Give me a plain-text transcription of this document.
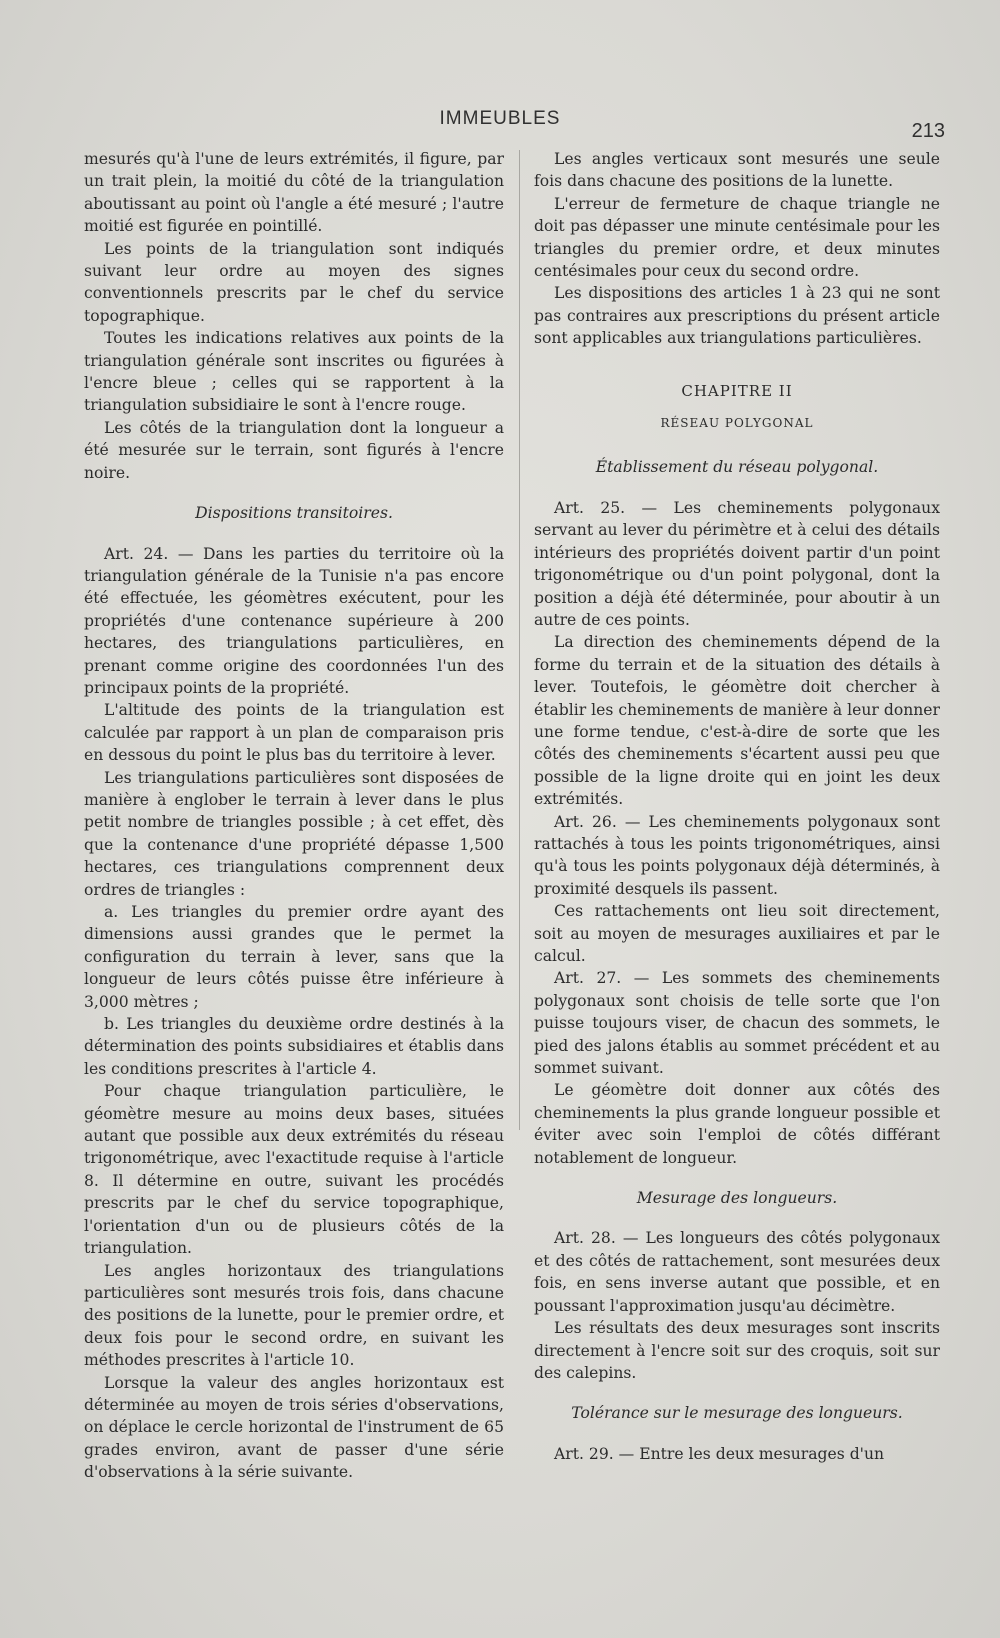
IMMEUBLES
213

mesurés qu'à l'une de leurs extrémités, il figure, par un trait plein, la moitié du côté de la triangulation aboutissant au point où l'angle a été mesuré ; l'autre moitié est figurée en pointillé.

Les points de la triangulation sont indiqués suivant leur ordre au moyen des signes conventionnels prescrits par le chef du service topographique.

Toutes les indications relatives aux points de la triangulation générale sont inscrites ou figurées à l'encre bleue ; celles qui se rapportent à la triangulation subsidiaire le sont à l'encre rouge.

Les côtés de la triangulation dont la longueur a été mesurée sur le terrain, sont figurés à l'encre noire.

Dispositions transitoires.

Art. 24. — Dans les parties du territoire où la triangulation générale de la Tunisie n'a pas encore été effectuée, les géomètres exécutent, pour les propriétés d'une contenance supérieure à 200 hectares, des triangulations particulières, en prenant comme origine des coordonnées l'un des principaux points de la propriété.

L'altitude des points de la triangulation est calculée par rapport à un plan de comparaison pris en dessous du point le plus bas du territoire à lever.

Les triangulations particulières sont disposées de manière à englober le terrain à lever dans le plus petit nombre de triangles possible ; à cet effet, dès que la contenance d'une propriété dépasse 1,500 hectares, ces triangulations comprennent deux ordres de triangles :

a. Les triangles du premier ordre ayant des dimensions aussi grandes que le permet la configuration du terrain à lever, sans que la longueur de leurs côtés puisse être inférieure à 3,000 mètres ;

b. Les triangles du deuxième ordre destinés à la détermination des points subsidiaires et établis dans les conditions prescrites à l'article 4.

Pour chaque triangulation particulière, le géomètre mesure au moins deux bases, situées autant que possible aux deux extrémités du réseau trigonométrique, avec l'exactitude requise à l'article 8. Il détermine en outre, suivant les procédés prescrits par le chef du service topographique, l'orientation d'un ou de plusieurs côtés de la triangulation.

Les angles horizontaux des triangulations particulières sont mesurés trois fois, dans chacune des positions de la lunette, pour le premier ordre, et deux fois pour le second ordre, en suivant les méthodes prescrites à l'article 10.

Lorsque la valeur des angles horizontaux est déterminée au moyen de trois séries d'observations, on déplace le cercle horizontal de l'instrument de 65 grades environ, avant de passer d'une série d'observations à la série suivante.

Les angles verticaux sont mesurés une seule fois dans chacune des positions de la lunette.

L'erreur de fermeture de chaque triangle ne doit pas dépasser une minute centésimale pour les triangles du premier ordre, et deux minutes centésimales pour ceux du second ordre.

Les dispositions des articles 1 à 23 qui ne sont pas contraires aux prescriptions du présent article sont applicables aux triangulations particulières.

CHAPITRE II

RÉSEAU POLYGONAL

Établissement du réseau polygonal.

Art. 25. — Les cheminements polygonaux servant au lever du périmètre et à celui des détails intérieurs des propriétés doivent partir d'un point trigonométrique ou d'un point polygonal, dont la position a déjà été déterminée, pour aboutir à un autre de ces points.

La direction des cheminements dépend de la forme du terrain et de la situation des détails à lever. Toutefois, le géomètre doit chercher à établir les cheminements de manière à leur donner une forme tendue, c'est-à-dire de sorte que les côtés des cheminements s'écartent aussi peu que possible de la ligne droite qui en joint les deux extrémités.

Art. 26. — Les cheminements polygonaux sont rattachés à tous les points trigonométriques, ainsi qu'à tous les points polygonaux déjà déterminés, à proximité desquels ils passent.

Ces rattachements ont lieu soit directement, soit au moyen de mesurages auxiliaires et par le calcul.

Art. 27. — Les sommets des cheminements polygonaux sont choisis de telle sorte que l'on puisse toujours viser, de chacun des sommets, le pied des jalons établis au sommet précédent et au sommet suivant.

Le géomètre doit donner aux côtés des cheminements la plus grande longueur possible et éviter avec soin l'emploi de côtés différant notablement de longueur.

Mesurage des longueurs.

Art. 28. — Les longueurs des côtés polygonaux et des côtés de rattachement, sont mesurées deux fois, en sens inverse autant que possible, et en poussant l'approximation jusqu'au décimètre.

Les résultats des deux mesurages sont inscrits directement à l'encre soit sur des croquis, soit sur des calepins.

Tolérance sur le mesurage des longueurs.

Art. 29. — Entre les deux mesurages d'un
